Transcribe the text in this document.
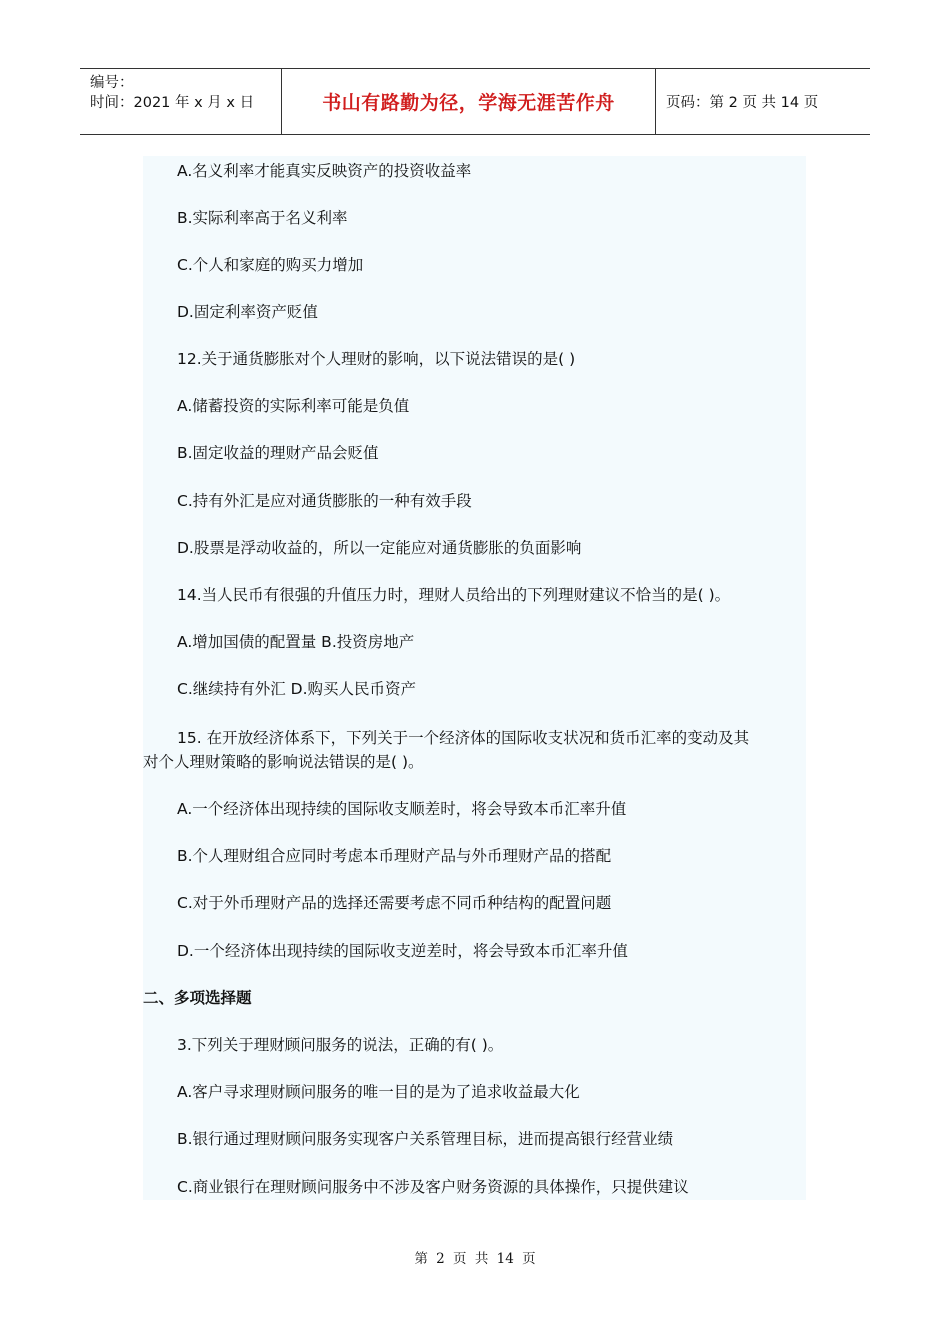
编号：
时间：2021 年 x 月 x 日	书山有路勤为径，学海无涯苦作舟	页码：第 2 页 共 14 页
A.名义利率才能真实反映资产的投资收益率
B.实际利率高于名义利率
C.个人和家庭的购买力增加
D.固定利率资产贬值
12.关于通货膨胀对个人理财的影响，以下说法错误的是( )
A.储蓄投资的实际利率可能是负值
B.固定收益的理财产品会贬值
C.持有外汇是应对通货膨胀的一种有效手段
D.股票是浮动收益的，所以一定能应对通货膨胀的负面影响
14.当人民币有很强的升值压力时，理财人员给出的下列理财建议不恰当的是( )。
A.增加国债的配置量 B.投资房地产
C.继续持有外汇 D.购买人民币资产
15. 在开放经济体系下，下列关于一个经济体的国际收支状况和货币汇率的变动及其
对个人理财策略的影响说法错误的是( )。
A.一个经济体出现持续的国际收支顺差时，将会导致本币汇率升值
B.个人理财组合应同时考虑本币理财产品与外币理财产品的搭配
C.对于外币理财产品的选择还需要考虑不同币种结构的配置问题
D.一个经济体出现持续的国际收支逆差时，将会导致本币汇率升值
二、多项选择题
3.下列关于理财顾问服务的说法，正确的有( )。
A.客户寻求理财顾问服务的唯一目的是为了追求收益最大化
B.银行通过理财顾问服务实现客户关系管理目标，进而提高银行经营业绩
C.商业银行在理财顾问服务中不涉及客户财务资源的具体操作，只提供建议
第 2 页 共 14 页
